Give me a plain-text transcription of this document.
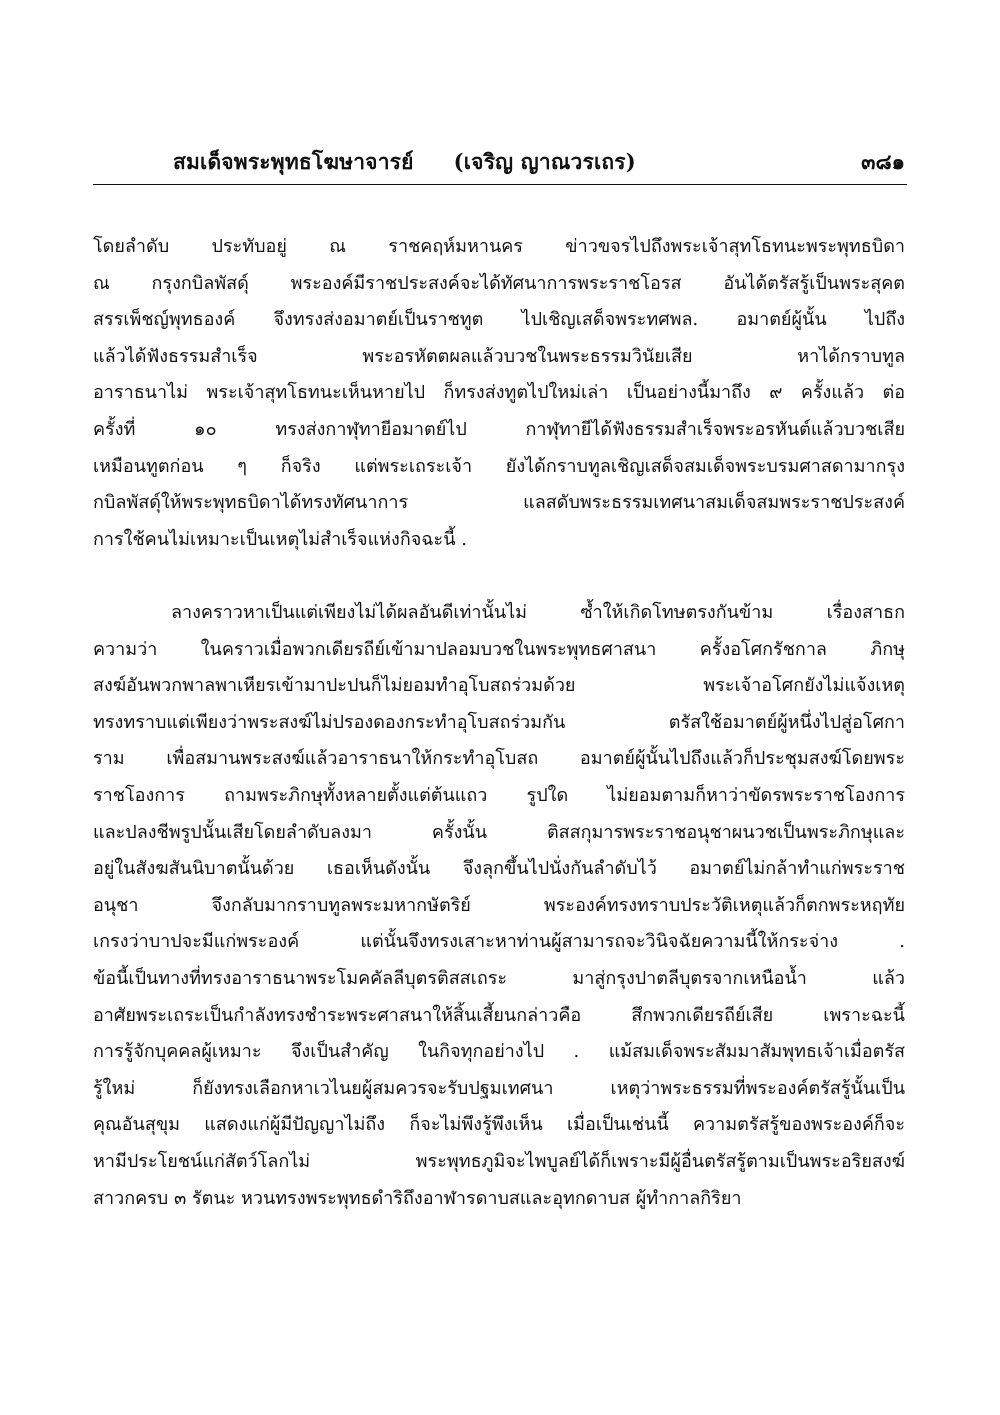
สมเด็จพระพุทธโฆษาจารย์ (เจริญ ญาณวรเถร)	๓๘๑
โดยลำดับ ประทับอยู่ ณ ราชคฤห์มหานคร ข่าวขจรไปถึงพระเจ้าสุทโธทนะพระพุทธบิดา
ณ กรุงกบิลพัสดุ์ พระองค์มีราชประสงค์จะได้ทัศนาการพระราชโอรส อันได้ตรัสรู้เป็นพระสุคต
สรรเพ็ชญ์พุทธองค์ จึงทรงส่งอมาตย์เป็นราชทูต ไปเชิญเสด็จพระทศพล. อมาตย์ผู้นั้น ไปถึง
แล้วได้ฟังธรรมสำเร็จ พระอรหัตตผลแล้วบวชในพระธรรมวินัยเสีย หาได้กราบทูล
อาราธนาไม่ พระเจ้าสุทโธทนะเห็นหายไป ก็ทรงส่งทูตไปใหม่เล่า เป็นอย่างนี้มาถึง ๙ ครั้งแล้ว ต่อ
ครั้งที่ ๑๐ ทรงส่งกาฬุทายีอมาตย์ไป กาฬุทายีได้ฟังธรรมสำเร็จพระอรหันต์แล้วบวชเสีย
เหมือนทูตก่อน ๆ ก็จริง แต่พระเถระเจ้า ยังได้กราบทูลเชิญเสด็จสมเด็จพระบรมศาสดามากรุง
กบิลพัสดุ์ให้พระพุทธบิดาได้ทรงทัศนาการ แลสดับพระธรรมเทศนาสมเด็จสมพระราชประสงค์
การใช้คนไม่เหมาะเป็นเหตุไม่สำเร็จแห่งกิจฉะนี้ .
ลางคราวหาเป็นแต่เพียงไม่ได้ผลอันดีเท่านั้นไม่ ซ้ำให้เกิดโทษตรงกันข้าม เรื่องสาธก
ความว่า ในคราวเมื่อพวกเดียรถีย์เข้ามาปลอมบวชในพระพุทธศาสนา ครั้งอโศกรัชกาล ภิกษุ
สงฆ์อันพวกพาลพาเหียรเข้ามาปะปนก็ไม่ยอมทำอุโบสถร่วมด้วย พระเจ้าอโศกยังไม่แจ้งเหตุ
ทรงทราบแต่เพียงว่าพระสงฆ์ไม่ปรองดองกระทำอุโบสถร่วมกัน ตรัสใช้อมาตย์ผู้หนึ่งไปสู่อโศกา
ราม เพื่อสมานพระสงฆ์แล้วอาราธนาให้กระทำอุโบสถ อมาตย์ผู้นั้นไปถึงแล้วก็ประชุมสงฆ์โดยพระ
ราชโองการ ถามพระภิกษุทั้งหลายตั้งแต่ต้นแถว รูปใด ไม่ยอมตามก็หาว่าขัดรพระราชโองการ
และปลงชีพรูปนั้นเสียโดยลำดับลงมา ครั้งนั้น ติสสกุมารพระราชอนุชาผนวชเป็นพระภิกษุและ
อยู่ในสังฆสันนิบาตนั้นด้วย เธอเห็นดังนั้น จึงลุกขึ้นไปนั่งกันลำดับไว้ อมาตย์ไม่กล้าทำแก่พระราช
อนุชา จึงกลับมากราบทูลพระมหากษัตริย์ พระองค์ทรงทราบประวัติเหตุแล้วก็ตกพระหฤทัย
เกรงว่าบาปจะมีแก่พระองค์ แต่นั้นจึงทรงเสาะหาท่านผู้สามารถจะวินิจฉัยความนี้ให้กระจ่าง .
ข้อนี้เป็นทางที่ทรงอาราธนาพระโมคคัลลีบุตรติสสเถระ มาสู่กรุงปาตลีบุตรจากเหนือน้ำ แล้ว
อาศัยพระเถระเป็นกำลังทรงชำระพระศาสนาให้สิ้นเสี้ยนกล่าวคือ สึกพวกเดียรถีย์เสีย เพราะฉะนี้
การรู้จักบุคคลผู้เหมาะ จึงเป็นสำคัญ ในกิจทุกอย่างไป . แม้สมเด็จพระสัมมาสัมพุทธเจ้าเมื่อตรัส
รู้ใหม่ ก็ยังทรงเลือกหาเวไนยผู้สมควรจะรับปฐมเทศนา เหตุว่าพระธรรมที่พระองค์ตรัสรู้นั้นเป็น
คุณอันสุขุม แสดงแก่ผู้มีปัญญาไม่ถึง ก็จะไม่พึงรู้พึงเห็น เมื่อเป็นเช่นนี้ ความตรัสรู้ของพระองค์ก็จะ
หามีประโยชน์แก่สัตว์โลกไม่ พระพุทธภูมิจะไพบูลย์ได้ก็เพราะมีผู้อื่นตรัสรู้ตามเป็นพระอริยสงฆ์
สาวกครบ ๓ รัตนะ หวนทรงพระพุทธดำริถึงอาฬารดาบสและอุทกดาบส ผู้ทำกาลกิริยา
